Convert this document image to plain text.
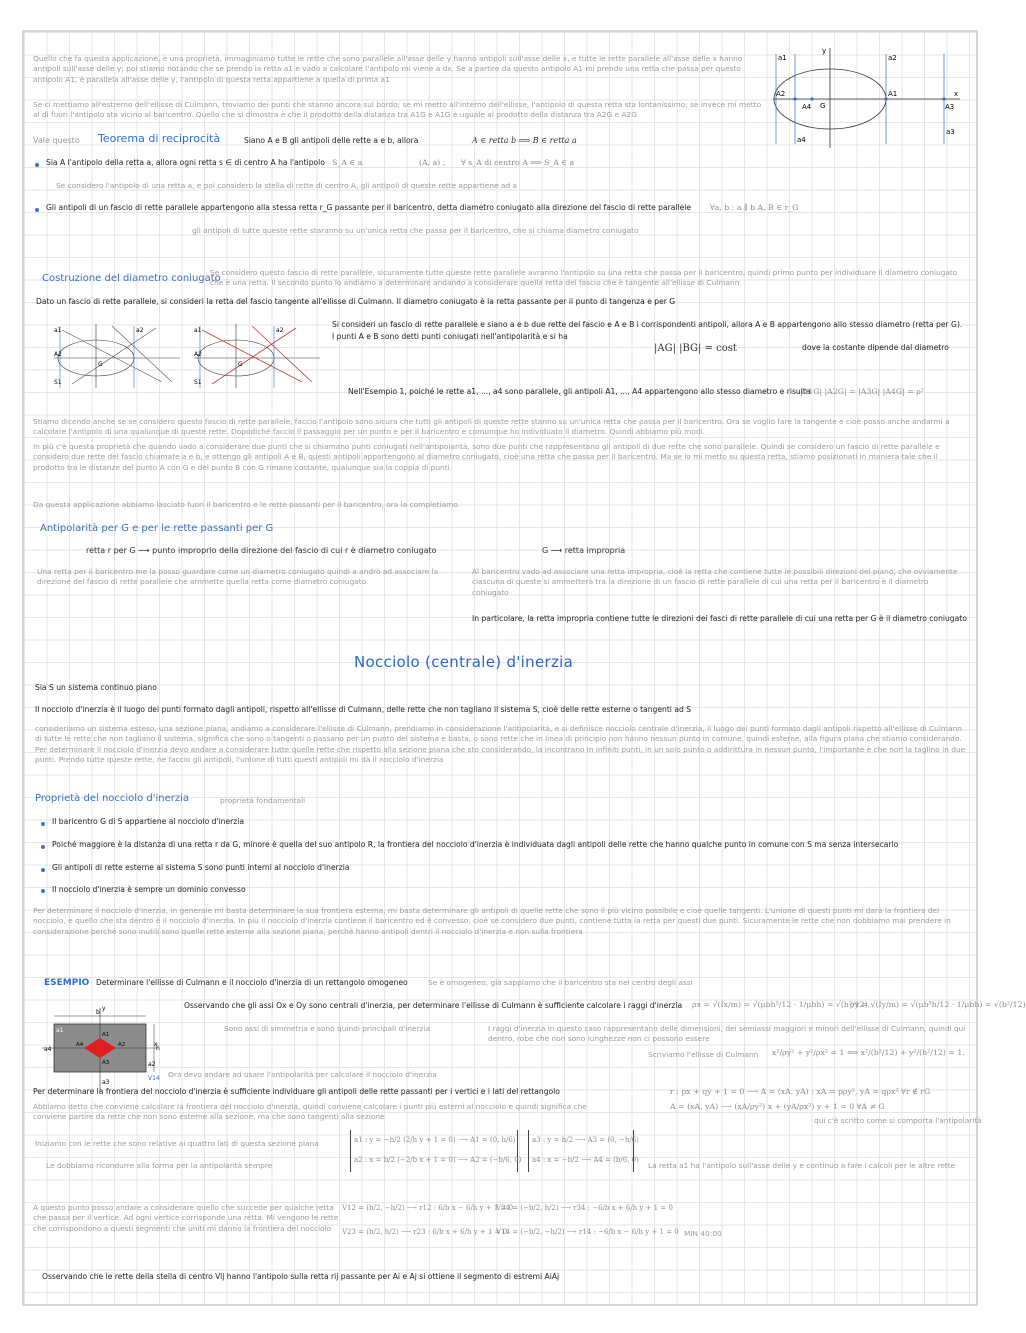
Quello che fa questa applicazione, è una proprietà, immaginiamo tutte le rette che sono parallele all'asse delle y hanno antipoli sull'asse delle x, e tutte le rette parallele all'asse delle x hanno antipoli sull'asse delle y; poi stiamo notando che se prendo la retta a1 e vado a calcolare l'antipolo mi viene a dx. Se a partire da questo antipolo A1 mi prendo una retta che passa per questo antipolo A1, è parallela all'asse delle y, l'antipolo di questa retta appartiene a quella di prima a1
Se ci mettiamo all'estremo dell'ellisse di Culmann, troviamo dei punti che stanno ancora sul bordo; se mi metto all'interno dell'ellisse, l'antipolo di questa retta sta lontanissimo; se invece mi metto al di fuori l'antipolo sta vicino al baricentro. Quello che si dimostra è che il prodotto della distanza tra A1G e A1G è uguale al prodotto della distanza tra A2G e A2G
Vale questo Teorema di reciprocità	Siano A e B gli antipoli delle rette a e b, allora	A ∈ retta b ⟹ B ∈ retta a
Sia A l'antipolo della retta a, allora ogni retta s ∈ di centro A ha l'antipolo S_A ∈ a	(A, a) ; ∀ s_A di centro A ⟹ S_A ∈ a
Se considero l'antipolo di una retta a, e poi considero la stella di rette di centro A, gli antipoli di queste rette appartiene ad a
Gli antipoli di un fascio di rette parallele appartengono alla stessa retta r_G passante per il baricentro, detta diametro coniugato alla direzione del fascio di rette parallele ∀a, b : a ∥ b A, B ∈ r_G
gli antipoli di tutte queste rette staranno su un'unica retta che passa per il baricentro, che si chiama diametro coniugato
a1	a2
A2
A4 G
A1
A3
a4
a3
x
y
Costruzione del diametro coniugato
Se considero questo fascio di rette parallele, sicuramente tutte queste rette parallele avranno l'antipolo su una retta che passa per il baricentro, quindi primo punto per individuare il diametro coniugato che è una retta. Il secondo punto lo andiamo a determinare andando a considerare quella retta del fascio che è tangente all'ellisse di Culmann
Dato un fascio di rette parallele, si consideri la retta del fascio tangente all'ellisse di Culmann. Il diametro coniugato è la retta passante per il punto di tangenza e per G
a1	a2
A2
G
S1
a1	a2
A2
G
S1
Si consideri un fascio di rette parallele e siano a e b due rette del fascio e A e B i corrispondenti antipoli, allora A e B appartengono allo stesso diametro (retta per G).
I punti A e B sono detti punti coniugati nell'antipolarità e si ha
|AG| |BG| = cost	dove la costante dipende dal diametro
Nell'Esempio 1, poiché le rette a1, ..., a4 sono parallele, gli antipoli A1, ..., A4 appartengono allo stesso diametro e risulta
|A1G| |A2G| = |A3G| |A4G| = ρ²
Stiamo dicendo anche se se considero questo fascio di rette parallele, faccio l'antipolo sono sicura che tutti gli antipoli di queste rette stanno su un'unica retta che passa per il baricentro. Ora se voglio fare la tangente e cioè posso anche andarmi a calcolare l'antipolo di una qualunque di queste rette. Dopodiché faccio il passaggio per un punto e per il baricentro e comunque ho individuato il diametro. Quindi abbiamo più modi.
In più c'è questa proprietà che quando vado a considerare due punti che si chiamano punti coniugati nell'antipolarità, sono due punti che rappresentano gli antipoli di due rette che sono parallele. Quindi se considero un fascio di rette parallele e considero due rette del fascio chiamate a e b, e ottengo gli antipoli A e B, questi antipoli appartengono al diametro coniugato, cioè una retta che passa per il baricentro. Ma se io mi metto su questa retta, stiamo posizionati in maniera tale che il prodotto tra le distanze del punto A con G e del punto B con G rimane costante, qualunque sia la coppia di punti.
Da questa applicazione abbiamo lasciato fuori il baricentro e le rette passanti per il baricentro, ora la completiamo
Antipolarità per G e per le rette passanti per G
retta r per G ⟶ punto improprio della direzione del fascio di cui r è diametro coniugato	G ⟶ retta impropria
Una retta per il baricentro me la posso guardare come un diametro coniugato quindi a andrò ad associare la direzione del fascio di rette parallele che ammette quella retta come diametro coniugato
Al baricentro vado ad associare una retta impropria, cioè la retta che contiene tutte le possibili direzioni del piano, che ovviamente ciascuna di queste si ammetterà tra la direzione di un fascio di rette parallele di cui una retta per il baricentro è il diametro coniugato
In particolare, la retta impropria contiene tutte le direzioni dei fasci di rette parallele di cui una retta per G è il diametro coniugato
Nocciolo (centrale) d'inerzia
Sia S un sistema continuo piano
Il nocciolo d'inerzia è il luogo dei punti formato dagli antipoli, rispetto all'ellisse di Culmann, delle rette che non tagliano il sistema S, cioè delle rette esterne o tangenti ad S
consideriamo un sistema esteso, una sezione piana, andiamo a considerare l'ellisse di Culmann, prendiamo in considerazione l'antipolarità, e si definisce nocciolo centrale d'inerzia, il luogo dei punti formato dagli antipoli rispetto all'ellisse di Culmann di tutte le rette che non tagliano il sistema, significa che sono o tangenti o passano per un punto del sistema e basta, o sono rette che in linea di principio non hanno nessun punto in comune, quindi esterne, alla figura piana che stiamo considerando. Per determinare il nocciolo d'inerzia devo andare a considerare tutte quelle rette che rispetto alla sezione piana che sto considerando, la incontrano in infiniti punti, in un solo punto o addirittura in nessun punto, l'importante è che non la taglino in due punti. Prendo tutte queste rette, ne faccio gli antipoli, l'unione di tutti questi antipoli mi dà il nocciolo d'inerzia
Proprietà del nocciolo d'inerzia	proprietà fondamentali
Il baricentro G di S appartiene al nocciolo d'inerzia
Poiché maggiore è la distanza di una retta r da G, minore è quella del suo antipolo R, la frontiera del nocciolo d'inerzia è individuata dagli antipoli delle rette che hanno qualche punto in comune con S ma senza intersecarlo
Gli antipoli di rette esterne al sistema S sono punti interni al nocciolo d'inerzia
Il nocciolo d'inerzia è sempre un dominio convesso
Per determinare il nocciolo d'inerzia, in generale mi basta determinare la sua frontiera esterna, mi basta determinare gli antipoli di quelle rette che sono il più vicino possibile e cioè quelle tangenti. L'unione di questi punti mi darà la frontiera del nocciolo, e quello che sta dentro è il nocciolo d'inerzia. In più il nocciolo d'inerzia contiene il baricentro ed è convesso, cioè se considero due punti, contiene tutta la retta per questi due punti. Sicuramente le rette che non dobbiamo mai prendere in considerazione perché sono inutili sono quelle rette esterne alla sezione piana, perché hanno antipoli dentri il nocciolo d'inerzia e non sulla frontiera
ESEMPIO Determinare l'ellisse di Culmann e il nocciolo d'inerzia di un rettangolo omogeneo	Se è omogeneo, già sappiamo che il baricentro sta nel centro degli assi
b
h
a1
a4
a2
A1
A4	A2
A3
a3
V14
y
x
Osservando che gli assi Ox e Oy sono centrali d'inerzia, per determinare l'ellisse di Culmann è sufficiente calcolare i raggi d'inerzia
Sono assi di simmetria e sono quindi principali d'inerzia
ρx = √(Ix/m) = √(μbh³/12 · 1/μbh) = √(h²/12),
ρy = √(Iy/m) = √(μb³h/12 · 1/μbh) = √(b²/12)
I raggi d'inerzia in questo caso rappresentano delle dimensioni, dei semiassi maggiori e minori dell'ellisse di Culmann, quindi qui dentro, robe che non sono lunghezze non ci possono essere
Scriviamo l'ellisse di Culmann x²/ρy² + y²/ρx² = 1 ⟺ x²/(b²/12) + y²/(h²/12) = 1.
Ora devo andare ad usare l'antipolarità per calcolare il nocciolo d'inerzia
Per determinare la frontiera del nocciolo d'inerzia è sufficiente individuare gli antipoli delle rette passanti per i vertici e i lati del rettangolo	r : px + qy + 1 = 0 ⟶ A = (xA, yA) : xA = pρy², yA = qρx² ∀r ∉ rG
A = (xA, yA) ⟶ (xA/ρy²) x + (yA/ρx²) y + 1 = 0 ∀A ≠ G
qui c'è scritto come si comporta l'antipolarità
Abbiamo detto che conviene calcolare la frontiera del nocciolo d'inerzia, quindi conviene calcolare i punti più esterni al nocciolo e quindi significa che conviene partire da rette che non sono esterne alla sezione, ma che sono tangenti alla sezione
Iniziamo con le rette che sono relative ai quattro lati di questa sezione piana
Le dobbiamo ricondurre alla forma per la antipolarità sempre
a1 : y = −h/2 (2/h y + 1 = 0) ⟶ A1 = (0, h/6)
a2 : x = b/2 (−2/b x + 1 = 0) ⟶ A2 = (−b/6, 0)
a3 : y = h/2 ⟶ A3 = (0, −h/6)
a4 : x = −b/2 ⟶ A4 = (b/6, 0)
La retta a1 ha l'antipolo sull'asse delle y e continuo a fare i calcoli per le altre rette
A questo punto posso andare a considerare quello che succede per qualche retta che passa per il vertice. Ad ogni vertice corrisponde una retta. Mi vengono le rette che corrispondono a questi segmenti che uniti mi danno la frontiera del nocciolo
V12 = (b/2, −h/2) ⟶ r12 : 6/b x − 6/h y + 1 = 0
V34 = (−b/2, h/2) ⟶ r34 : −6/b x + 6/h y + 1 = 0
V23 = (b/2, h/2) ⟶ r23 : 6/b x + 6/h y + 1 = 0
V14 = (−b/2, −h/2) ⟶ r14 : −6/b x − 6/h y + 1 = 0 MIN 40:00
Osservando che le rette della stella di centro Vij hanno l'antipolo sulla retta rij passante per Ai e Aj si ottiene il segmento di estremi AiAj
